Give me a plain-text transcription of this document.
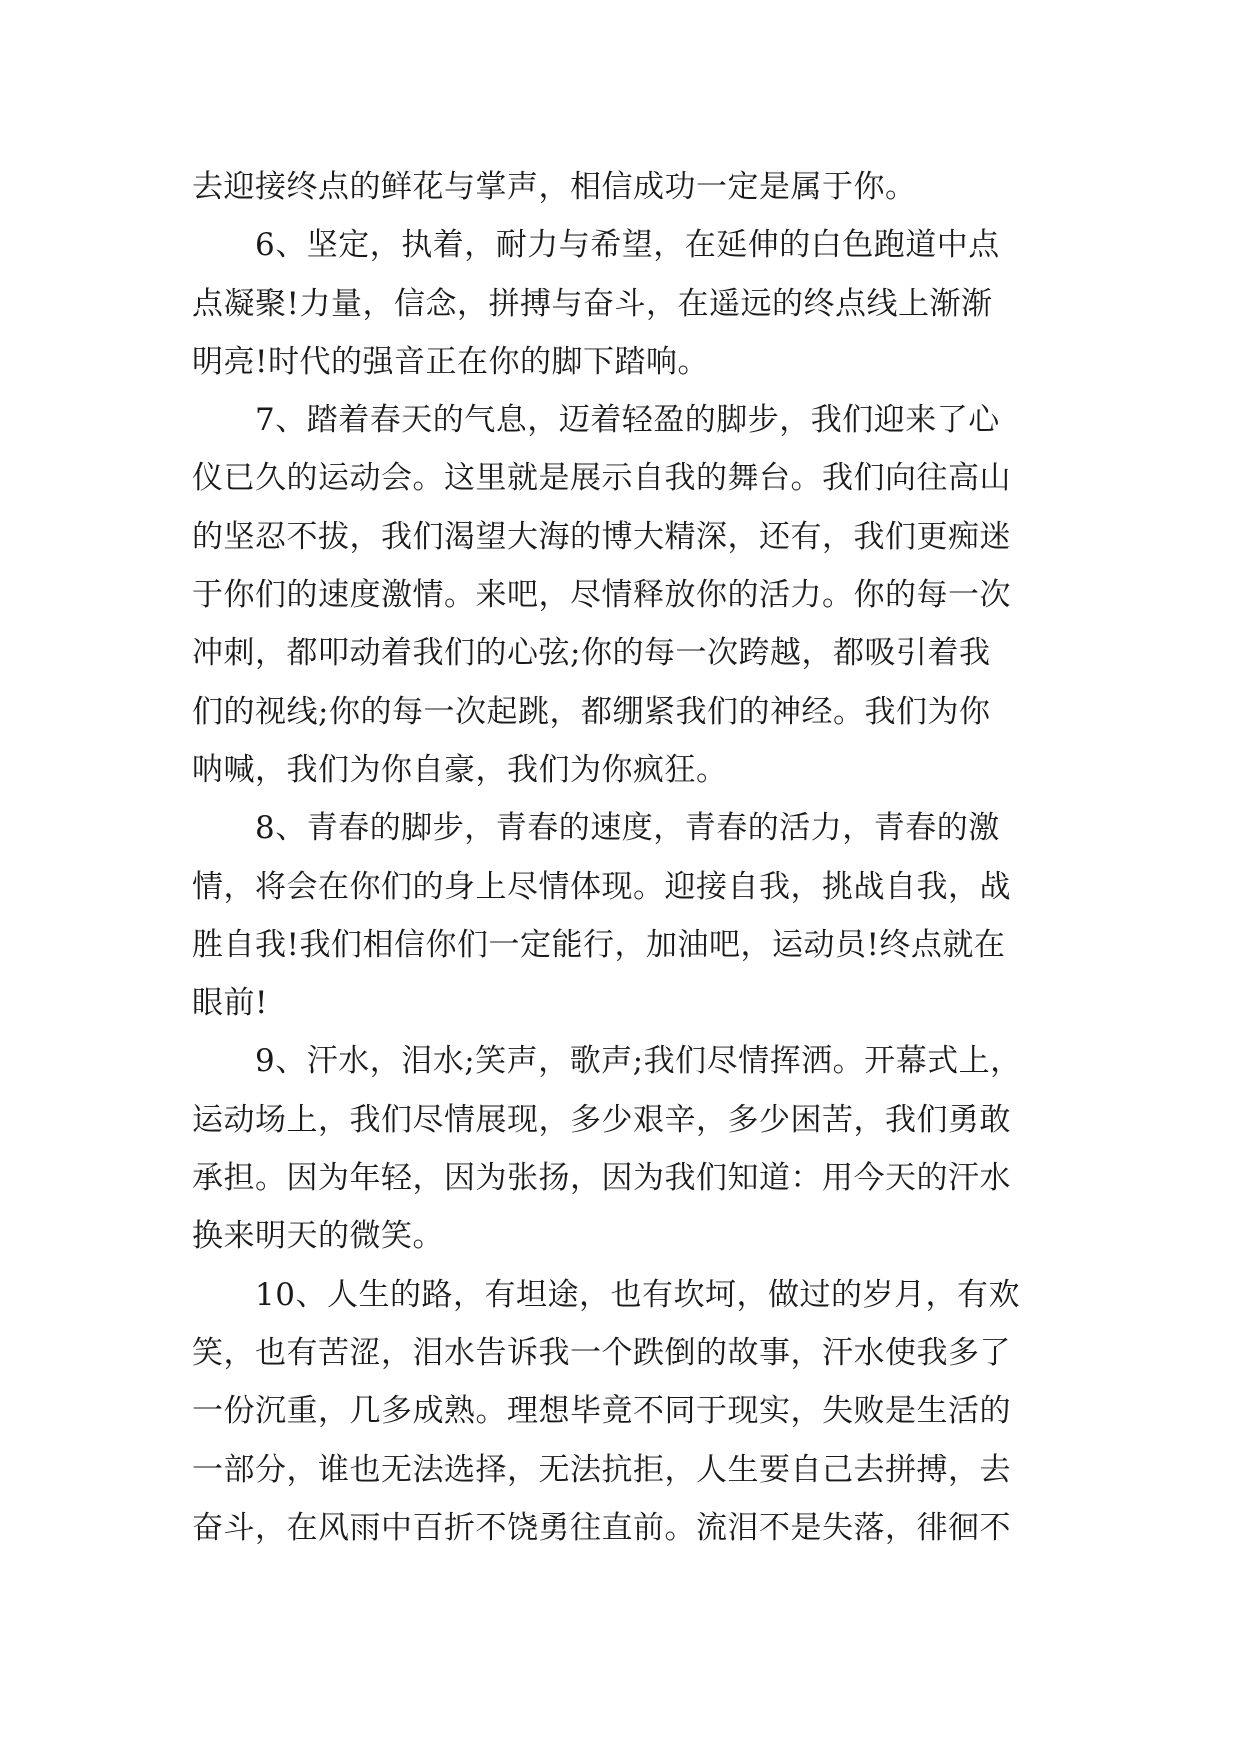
去迎接终点的鲜花与掌声，相信成功一定是属于你。
　　6、坚定，执着，耐力与希望，在延伸的白色跑道中点
点凝聚!力量，信念，拼搏与奋斗，在遥远的终点线上渐渐
明亮!时代的强音正在你的脚下踏响。
　　7、踏着春天的气息，迈着轻盈的脚步，我们迎来了心
仪已久的运动会。这里就是展示自我的舞台。我们向往高山
的坚忍不拔，我们渴望大海的博大精深，还有，我们更痴迷
于你们的速度激情。来吧，尽情释放你的活力。你的每一次
冲刺，都叩动着我们的心弦;你的每一次跨越，都吸引着我
们的视线;你的每一次起跳，都绷紧我们的神经。我们为你
呐喊，我们为你自豪，我们为你疯狂。
　　8、青春的脚步，青春的速度，青春的活力，青春的激
情，将会在你们的身上尽情体现。迎接自我，挑战自我，战
胜自我!我们相信你们一定能行，加油吧，运动员!终点就在
眼前!
　　9、汗水，泪水;笑声，歌声;我们尽情挥洒。开幕式上，
运动场上，我们尽情展现，多少艰辛，多少困苦，我们勇敢
承担。因为年轻，因为张扬，因为我们知道：用今天的汗水
换来明天的微笑。
　　10、人生的路，有坦途，也有坎坷，做过的岁月，有欢
笑，也有苦涩，泪水告诉我一个跌倒的故事，汗水使我多了
一份沉重，几多成熟。理想毕竟不同于现实，失败是生活的
一部分，谁也无法选择，无法抗拒，人生要自己去拼搏，去
奋斗，在风雨中百折不饶勇往直前。流泪不是失落，徘徊不
